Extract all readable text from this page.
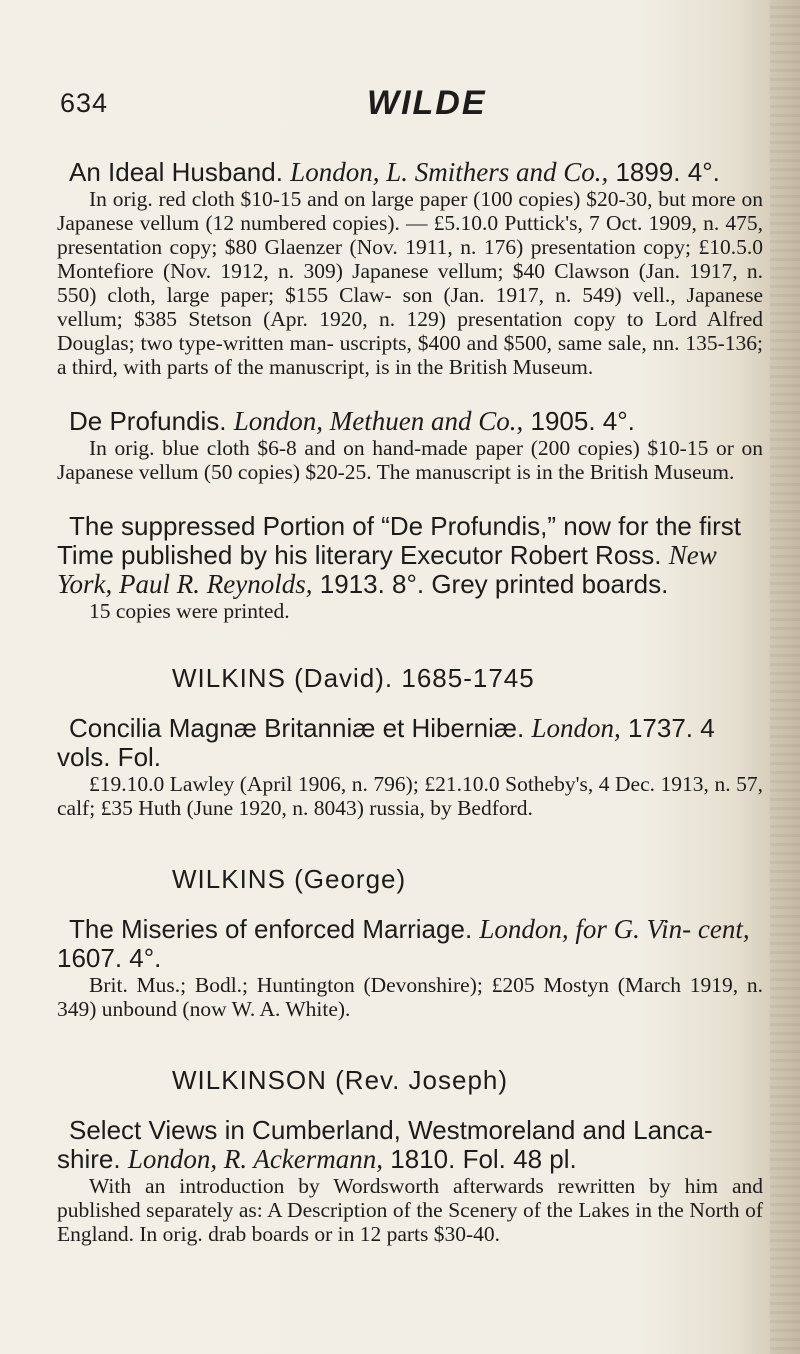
634	WILDE

An Ideal Husband. London, L. Smithers and Co., 1899. 4°.

In orig. red cloth $10-15 and on large paper (100 copies) $20-30, but more on Japanese vellum (12 numbered copies). — £5.10.0 Puttick's, 7 Oct. 1909, n. 475, presentation copy; $80 Glaenzer (Nov. 1911, n. 176) presentation copy; £10.5.0 Montefiore (Nov. 1912, n. 309) Japanese vellum; $40 Clawson (Jan. 1917, n. 550) cloth, large paper; $155 Claw- son (Jan. 1917, n. 549) vell., Japanese vellum; $385 Stetson (Apr. 1920, n. 129) presentation copy to Lord Alfred Douglas; two type-written man- uscripts, $400 and $500, same sale, nn. 135-136; a third, with parts of the manuscript, is in the British Museum.

De Profundis. London, Methuen and Co., 1905. 4°.

In orig. blue cloth $6-8 and on hand-made paper (200 copies) $10-15 or on Japanese vellum (50 copies) $20-25. The manuscript is in the British Museum.

The suppressed Portion of “De Profundis,” now for the first Time published by his literary Executor Robert Ross. New York, Paul R. Reynolds, 1913. 8°. Grey printed boards.

15 copies were printed.

WILKINS (David). 1685-1745

Concilia Magnæ Britanniæ et Hiberniæ. London, 1737. 4 vols. Fol.

£19.10.0 Lawley (April 1906, n. 796); £21.10.0 Sotheby's, 4 Dec. 1913, n. 57, calf; £35 Huth (June 1920, n. 8043) russia, by Bedford.

WILKINS (George)

The Miseries of enforced Marriage. London, for G. Vin- cent, 1607. 4°.

Brit. Mus.; Bodl.; Huntington (Devonshire); £205 Mostyn (March 1919, n. 349) unbound (now W. A. White).

WILKINSON (Rev. Joseph)

Select Views in Cumberland, Westmoreland and Lanca- shire. London, R. Ackermann, 1810. Fol. 48 pl.

With an introduction by Wordsworth afterwards rewritten by him and published separately as: A Description of the Scenery of the Lakes in the North of England. In orig. drab boards or in 12 parts $30-40.
